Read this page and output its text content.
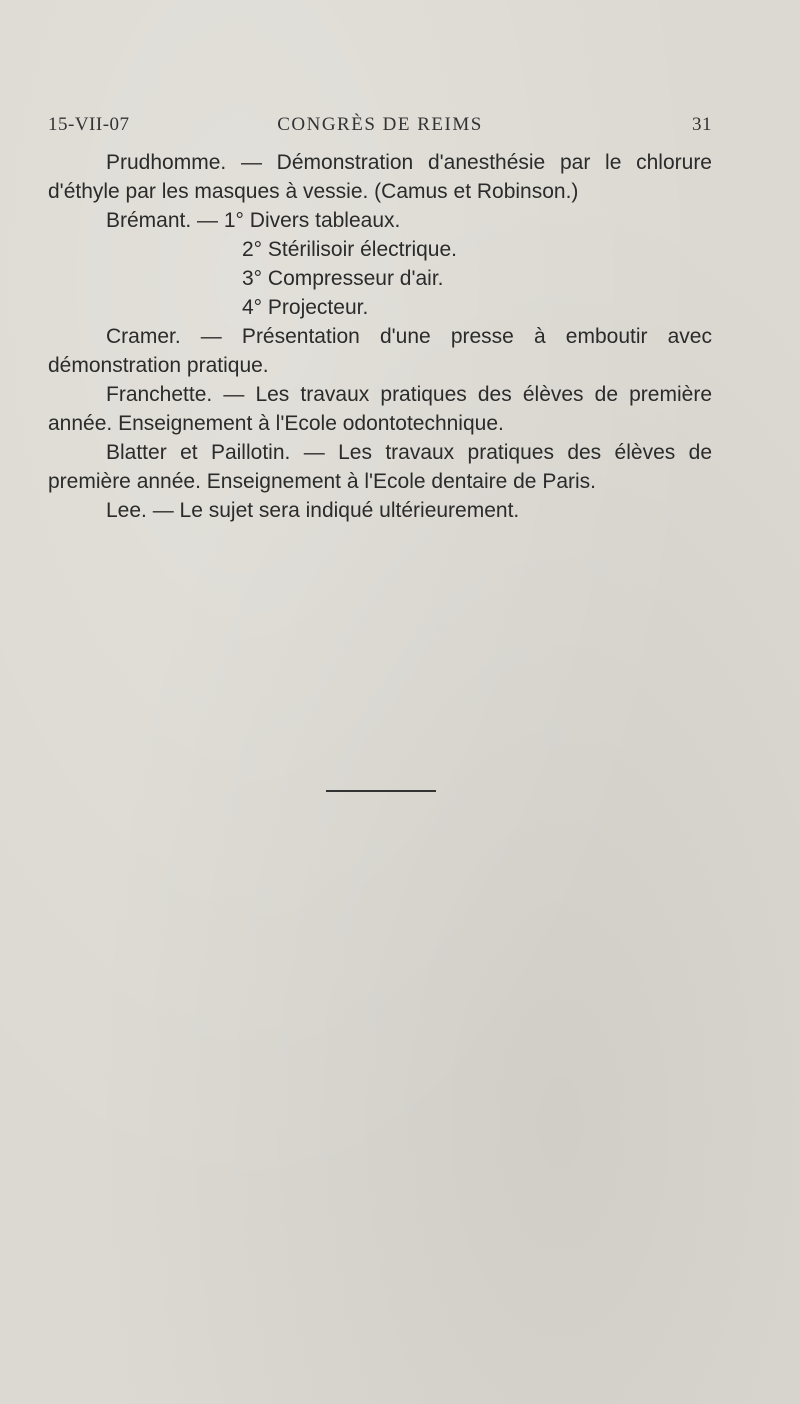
15-VII-07	CONGRÈS DE REIMS	31

Prudhomme. — Démonstration d'anesthésie par le chlorure d'éthyle par les masques à vessie. (Camus et Robinson.)

Brémant. — 1° Divers tableaux.

2° Stérilisoir électrique.

3° Compresseur d'air.

4° Projecteur.

Cramer. — Présentation d'une presse à emboutir avec démonstration pratique.

Franchette. — Les travaux pratiques des élèves de première année. Enseignement à l'Ecole odontotechnique.

Blatter et Paillotin. — Les travaux pratiques des élèves de première année. Enseignement à l'Ecole dentaire de Paris.

Lee. — Le sujet sera indiqué ultérieurement.
